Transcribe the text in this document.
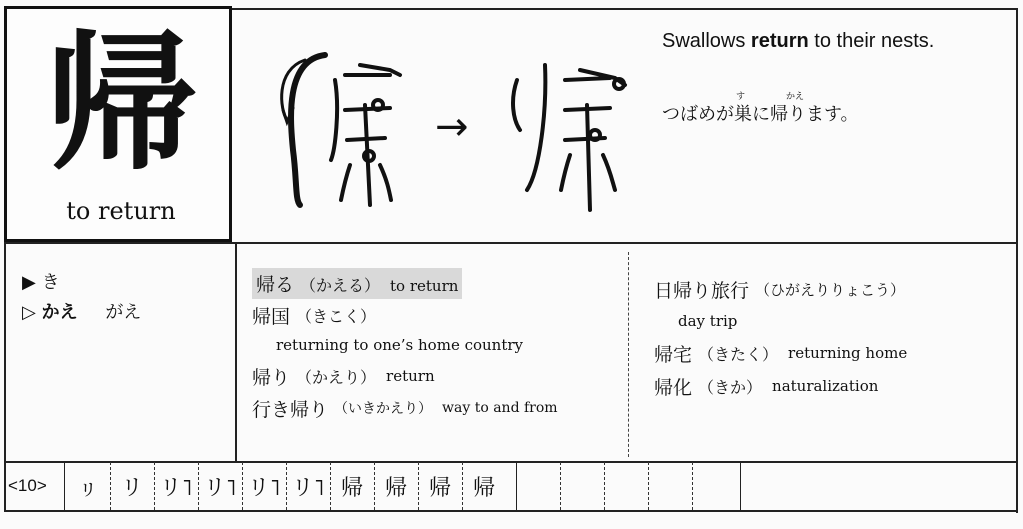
帰
to return
→
Swallows return to their nests.
す	かえ
つばめが巣に帰ります。
▶ き
▷ かえ がえ
帰る （かえる） to return
帰国 （きこく）
returning to one’s home country
帰り （かえり） return
行き帰り （いきかえり） way to and from
日帰り旅行 （ひがえりりょこう）
day trip
帰宅 （きたく） returning home
帰化 （きか） naturalization
<10> ㇼ リ リ˥ リ˥ リ˥ リ˥ 帰 帰 帰 帰
